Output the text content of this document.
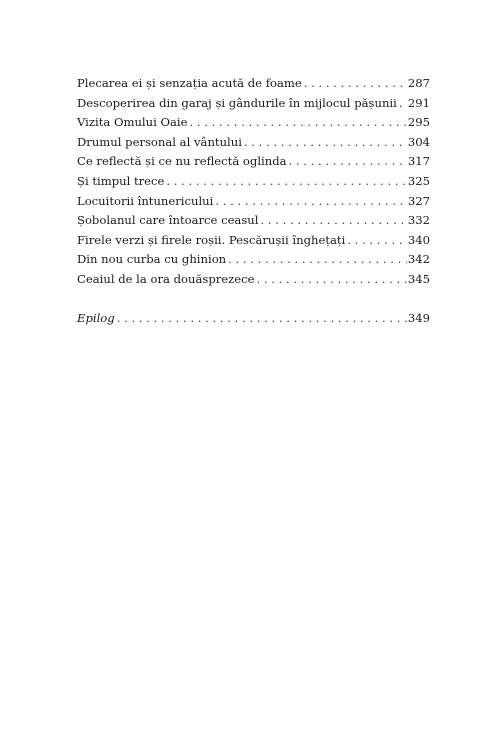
Plecarea ei și senzația acută de foame . . .	287
Descoperirea din garaj și gândurile în mijlocul pășunii . . . 291
Vizita Omului Oaie . . .	295
Drumul personal al vântului . . .	304
Ce reflectă și ce nu reflectă oglinda . . .	317
Și timpul trece . . .	325
Locuitorii întunericului . . .	327
Șobolanul care întoarce ceasul . . .	332
Firele verzi și firele roșii. Pescărușii înghețați . . .	340
Din nou curba cu ghinion . . .	342
Ceaiul de la ora douăsprezece . . .	345
Epilog . . .	349
